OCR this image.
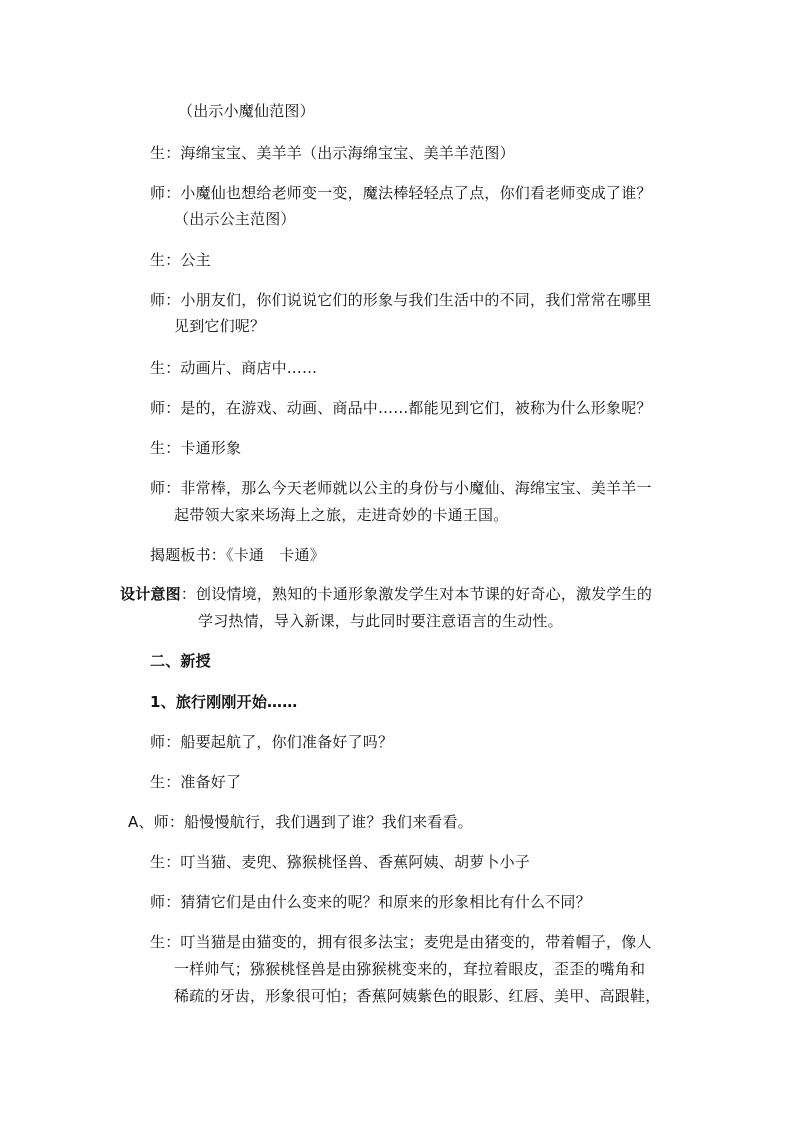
（出示小魔仙范图）
生：海绵宝宝、美羊羊（出示海绵宝宝、美羊羊范图）
师：小魔仙也想给老师变一变，魔法棒轻轻点了点，你们看老师变成了谁？
（出示公主范图）
生：公主
师：小朋友们，你们说说它们的形象与我们生活中的不同，我们常常在哪里
见到它们呢？
生：动画片、商店中……
师：是的，在游戏、动画、商品中……都能见到它们，被称为什么形象呢？
生：卡通形象
师：非常棒，那么今天老师就以公主的身份与小魔仙、海绵宝宝、美羊羊一
起带领大家来场海上之旅，走进奇妙的卡通王国。
揭题板书：《卡通　卡通》
设计意图：创设情境，熟知的卡通形象激发学生对本节课的好奇心，激发学生的
学习热情，导入新课，与此同时要注意语言的生动性。
二、新授
1、旅行刚刚开始……
师：船要起航了，你们准备好了吗？
生：准备好了
A、师：船慢慢航行，我们遇到了谁？我们来看看。
生：叮当猫、麦兜、猕猴桃怪兽、香蕉阿姨、胡萝卜小子
师：猜猜它们是由什么变来的呢？和原来的形象相比有什么不同？
生：叮当猫是由猫变的，拥有很多法宝；麦兜是由猪变的，带着帽子，像人
一样帅气；猕猴桃怪兽是由猕猴桃变来的，耷拉着眼皮，歪歪的嘴角和
稀疏的牙齿，形象很可怕；香蕉阿姨紫色的眼影、红唇、美甲、高跟鞋，
